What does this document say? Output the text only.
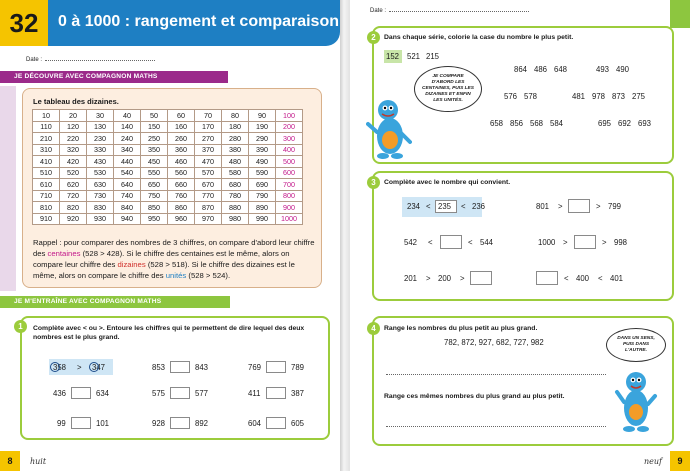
32	0 à 1000 : rangement et comparaison
Date :
JE DÉCOUVRE AVEC COMPAGNON MATHS
Le tableau des dizaines.
10	20	30	40	50	60	70	80	90	100
110	120	130	140	150	160	170	180	190	200
210	220	230	240	250	260	270	280	290	300
310	320	330	340	350	360	370	380	390	400
410	420	430	440	450	460	470	480	490	500
510	520	530	540	550	560	570	580	590	600
610	620	630	640	650	660	670	680	690	700
710	720	730	740	750	760	770	780	790	800
810	820	830	840	850	860	870	880	890	900
910	920	930	940	950	960	970	980	990	1000
Rappel : pour comparer des nombres de 3 chiffres, on compare d'abord leur chiffre des centaines (528 > 428). Si le chiffre des centaines est le même, alors on compare leur chiffre des dizaines (528 > 518). Si le chiffre des dizaines est le même, alors on compare le chiffre des unités (528 > 524).
JE M'ENTRAÎNE AVEC COMPAGNON MATHS
Complète avec < ou >. Entoure les chiffres qui te permettent de dire lequel des deux nombres est le plus grand.
358 > 347	853	843	769	789
436	634	575	577	411	387
99	101	928	892	604	605
1
8	huit
Date :
Dans chaque série, colorie la case du nombre le plus petit.
152 521 215
864 486 648	493 490
576 578	481 978 873 275
658 856 568 584	695 692 693
JE COMPARE D'ABORD LES CENTAINES, PUIS LES DIZAINES ET ENFIN LES UNITÉS.
2
Complète avec le nombre qui convient.
234 < 235 < 236	801 >	> 799
542 <	< 544	1000 >	> 998
201 > 200 >	< 400 < 401
3
Range les nombres du plus petit au plus grand.
782, 872, 927, 682, 727, 982
Range ces mêmes nombres du plus grand au plus petit.
DANS UN SENS, PUIS DANS L'AUTRE.
4
neuf	9
